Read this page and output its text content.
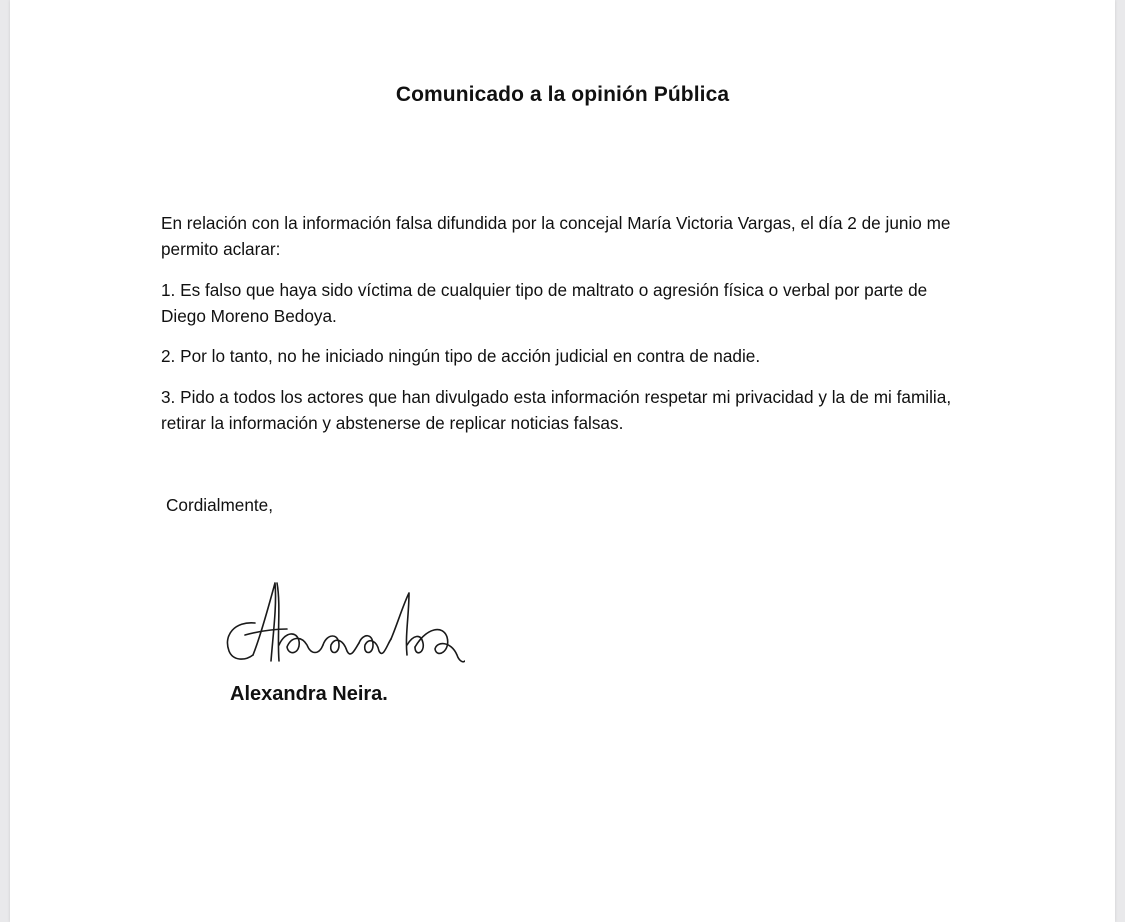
Comunicado a la opinión Pública
En relación con la información falsa difundida por la concejal María Victoria Vargas, el día 2 de junio me permito aclarar:
1. Es falso que haya sido víctima de cualquier tipo de maltrato o agresión física o verbal por parte de Diego Moreno Bedoya.
2. Por lo tanto, no he iniciado ningún tipo de acción judicial en contra de nadie.
3. Pido a todos los actores que han divulgado esta información respetar mi privacidad y la de mi familia, retirar la información y abstenerse de replicar noticias falsas.
Cordialmente,
Alexandra Neira.
